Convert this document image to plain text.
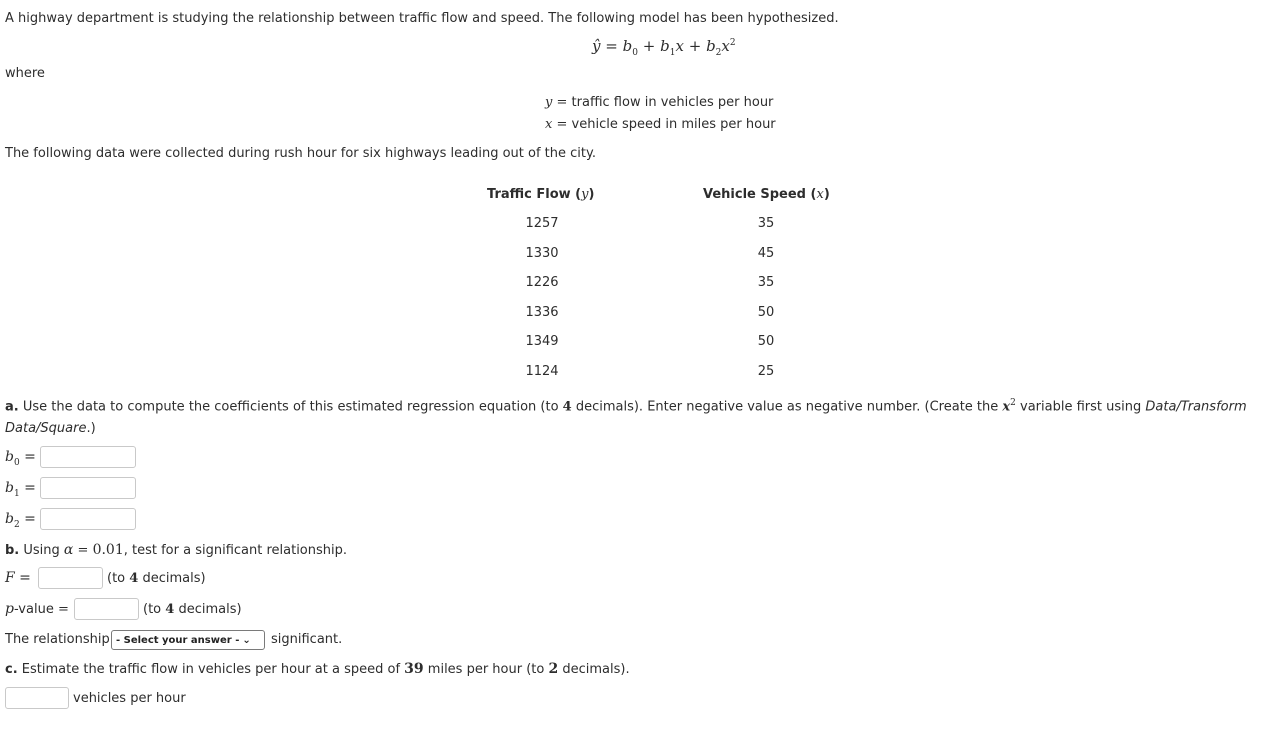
A highway department is studying the relationship between traffic flow and speed. The following model has been hypothesized.
ŷ = $b_0 + b_1x + b_2x^2$
where
y = traffic flow in vehicles per hour
x = vehicle speed in miles per hour
The following data were collected during rush hour for six highways leading out of the city.
Traffic Flow (y)	Vehicle Speed (x)
1257	35
1330	45
1226	35
1336	50
1349	50
1124	25
a. Use the data to compute the coefficients of this estimated regression equation (to 4 decimals). Enter negative value as negative number. (Create the $x^2$ variable first using Data/Transform
Data/Square.)
$b_0$ =
$b_1$ =
$b_2$ =
b. Using α = 0.01, test for a significant relationship.
F =	(to 4 decimals)
p-value =	(to 4 decimals)
The relationship - Select your answer - ⌄ significant.
c. Estimate the traffic flow in vehicles per hour at a speed of 39 miles per hour (to 2 decimals).
vehicles per hour
